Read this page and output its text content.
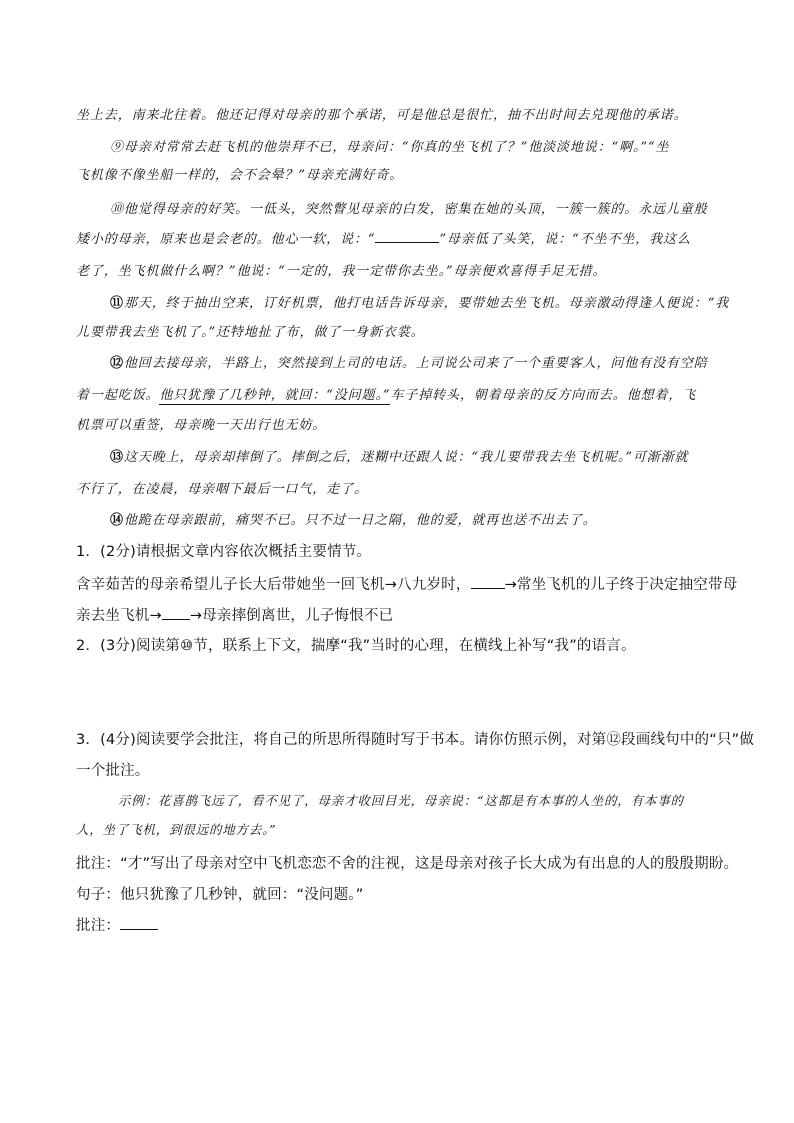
坐上去，南来北往着。他还记得对母亲的那个承诺，可是他总是很忙，抽不出时间去兑现他的承诺。
⑨母亲对常常去赶飞机的他崇拜不已，母亲问：“你真的坐飞机了？”他淡淡地说：“啊。”“坐
飞机像不像坐船一样的，会不会晕？”母亲充满好奇。
⑩他觉得母亲的好笑。一低头，突然瞥见母亲的白发，密集在她的头顶，一簇一簇的。永远儿童般
矮小的母亲，原来也是会老的。他心一软，说：“	”母亲低了头笑，说：“不坐不坐，我这么
老了，坐飞机做什么啊？”他说：“一定的，我一定带你去坐。”母亲便欢喜得手足无措。
⑪那天，终于抽出空来，订好机票，他打电话告诉母亲，要带她去坐飞机。母亲激动得逢人便说：“我
儿要带我去坐飞机了。”还特地扯了布，做了一身新衣裳。
⑫他回去接母亲，半路上，突然接到上司的电话。上司说公司来了一个重要客人，问他有没有空陪
着一起吃饭。他只犹豫了几秒钟，就回：“没问题。”车子掉转头，朝着母亲的反方向而去。他想着，飞
机票可以重签，母亲晚一天出行也无妨。
⑬这天晚上，母亲却摔倒了。摔倒之后，迷糊中还跟人说：“我儿要带我去坐飞机呢。”可渐渐就
不行了，在凌晨，母亲咽下最后一口气，走了。
⑭他跪在母亲跟前，痛哭不已。只不过一日之隔，他的爱，就再也送不出去了。
1．(2分)请根据文章内容依次概括主要情节。
含辛茹苦的母亲希望儿子长大后带她坐一回飞机→八九岁时， →常坐飞机的儿子终于决定抽空带母
亲去坐飞机→ →母亲摔倒离世，儿子悔恨不已
2．(3分)阅读第⑩节，联系上下文，揣摩“我”当时的心理，在横线上补写“我”的语言。
3．(4分)阅读要学会批注，将自己的所思所得随时写于书本。请你仿照示例，对第⑫段画线句中的“只”做
一个批注。
示例：花喜鹊飞远了，看不见了，母亲才收回目光，母亲说：“这都是有本事的人坐的，有本事的
人，坐了飞机，到很远的地方去。”
批注：“才”写出了母亲对空中飞机恋恋不舍的注视，这是母亲对孩子长大成为有出息的人的殷殷期盼。
句子：他只犹豫了几秒钟，就回：“没问题。”
批注：
